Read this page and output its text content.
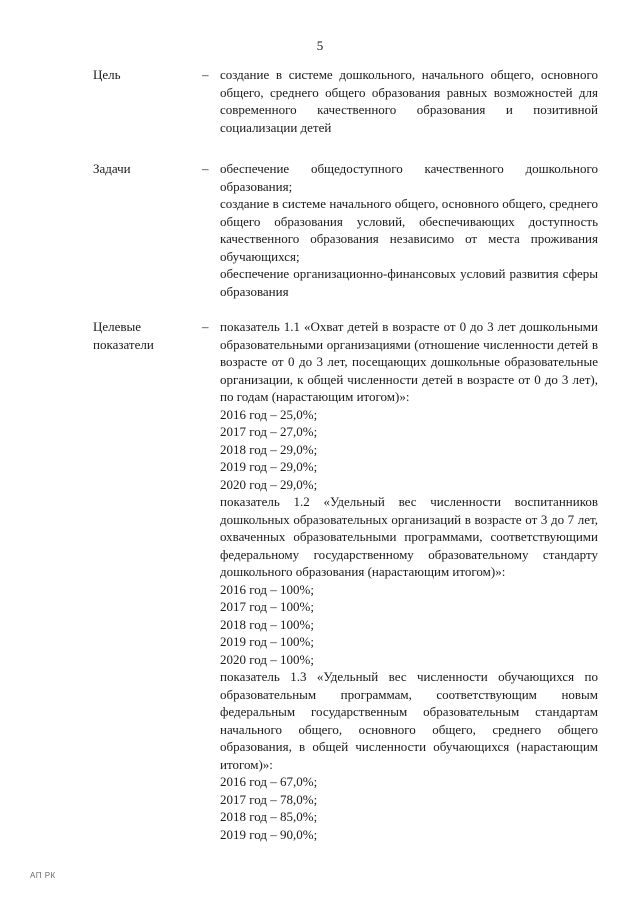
5
Цель	– создание в системе дошкольного, начального общего, основного общего, среднего общего образования равных возможностей для современного качественного образования и позитивной социализации детей

Задачи	– обеспечение общедоступного качественного дошкольного образования;

создание в системе начального общего, основного общего, среднего общего образования условий, обеспечивающих доступность качественного образования независимо от места проживания обучающихся;

обеспечение организационно-финансовых условий развития сферы образования

Целевые показатели
– показатель 1.1 «Охват детей в возрасте от 0 до 3 лет дошкольными образовательными организациями (отношение численности детей в возрасте от 0 до 3 лет, посещающих дошкольные образовательные организации, к общей численности детей в возрасте от 0 до 3 лет), по годам (нарастающим итогом)»:

2016 год – 25,0%;

2017 год – 27,0%;

2018 год – 29,0%;

2019 год – 29,0%;

2020 год – 29,0%;

показатель 1.2 «Удельный вес численности воспитанников дошкольных образовательных организаций в возрасте от 3 до 7 лет, охваченных образовательными программами, соответствующими федеральному государственному образовательному стандарту дошкольного образования (нарастающим итогом)»:

2016 год – 100%;

2017 год – 100%;

2018 год – 100%;

2019 год – 100%;

2020 год – 100%;

показатель 1.3 «Удельный вес численности обучающихся по образовательным программам, соответствующим новым федеральным государственным образовательным стандартам начального общего, основного общего, среднего общего образования, в общей численности обучающихся (нарастающим итогом)»:

2016 год – 67,0%;

2017 год – 78,0%;

2018 год – 85,0%;

2019 год – 90,0%;

АП РК
